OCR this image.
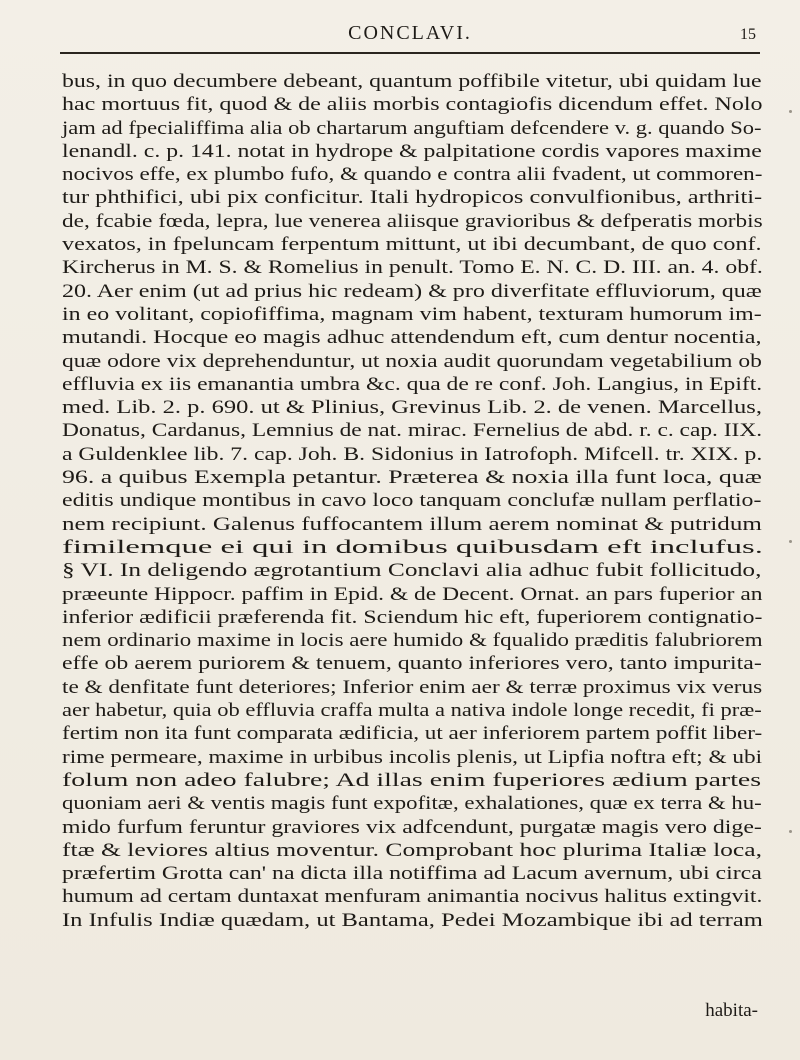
CONCLAVI.	15
bus, in quo decumbere debeant, quantum poffibile vitetur, ubi quidam lue
hac mortuus fit, quod & de aliis morbis contagiofis dicendum effet. Nolo
jam ad fpecialiffima alia ob chartarum anguftiam defcendere v. g. quando So-
lenandl. c. p. 141. notat in hydrope & palpitatione cordis vapores maxime
nocivos effe, ex plumbo fufo, & quando e contra alii fvadent, ut commoren-
tur phthifici, ubi pix conficitur. Itali hydropicos convulfionibus, arthriti-
de, fcabie fœda, lepra, lue venerea aliisque gravioribus & defperatis morbis
vexatos, in fpeluncam ferpentum mittunt, ut ibi decumbant, de quo conf.
Kircherus in M. S. & Romelius in penult. Tomo E. N. C. D. III. an. 4. obf.
20. Aer enim (ut ad prius hic redeam) & pro diverfitate effluviorum, quæ
in eo volitant, copiofiffima, magnam vim habent, texturam humorum im-
mutandi. Hocque eo magis adhuc attendendum eft, cum dentur nocentia,
quæ odore vix deprehenduntur, ut noxia audit quorundam vegetabilium ob
effluvia ex iis emanantia umbra &c. qua de re conf. Joh. Langius, in Epift.
med. Lib. 2. p. 690. ut & Plinius, Grevinus Lib. 2. de venen. Marcellus,
Donatus, Cardanus, Lemnius de nat. mirac. Fernelius de abd. r. c. cap. IIX.
a Guldenklee lib. 7. cap. Joh. B. Sidonius in Iatrofoph. Mifcell. tr. XIX. p.
96. a quibus Exempla petantur. Præterea & noxia illa funt loca, quæ
editis undique montibus in cavo loco tanquam conclufæ nullam perflatio-
nem recipiunt. Galenus fuffocantem illum aerem nominat & putridum
fimilemque ei qui in domibus quibusdam eft inclufus.
§ VI. In deligendo ægrotantium Conclavi alia adhuc fubit follicitudo,
præeunte Hippocr. paffim in Epid. & de Decent. Ornat. an pars fuperior an
inferior ædificii præferenda fit. Sciendum hic eft, fuperiorem contignatio-
nem ordinario maxime in locis aere humido & fqualido præditis falubriorem
effe ob aerem puriorem & tenuem, quanto inferiores vero, tanto impurita-
te & denfitate funt deteriores; Inferior enim aer & terræ proximus vix verus
aer habetur, quia ob effluvia craffa multa a nativa indole longe recedit, fi præ-
fertim non ita funt comparata ædificia, ut aer inferiorem partem poffit liber-
rime permeare, maxime in urbibus incolis plenis, ut Lipfia noftra eft; & ubi
folum non adeo falubre; Ad illas enim fuperiores ædium partes
quoniam aeri & ventis magis funt expofitæ, exhalationes, quæ ex terra & hu-
mido furfum feruntur graviores vix adfcendunt, purgatæ magis vero dige-
ftæ & leviores altius moventur. Comprobant hoc plurima Italiæ loca,
præfertim Grotta can' na dicta illa notiffima ad Lacum avernum, ubi circa
humum ad certam duntaxat menfuram animantia nocivus halitus extingvit.
In Infulis Indiæ quædam, ut Bantama, Pedei Mozambique ibi ad terram
habita-
